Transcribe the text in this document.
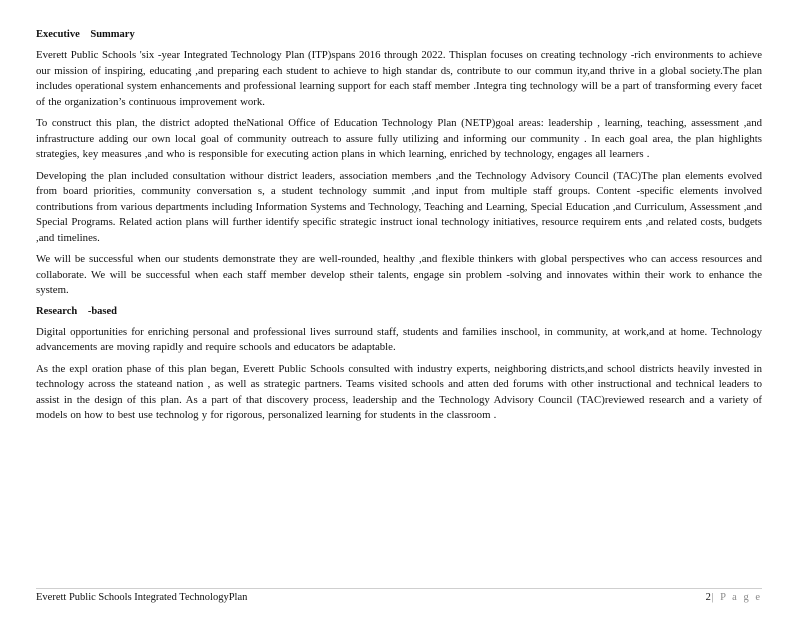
Executive Summary

Everett Public Schools 'six -year Integrated Technology Plan (ITP)spans 2016 through 2022. Thisplan focuses on creating technology -rich environments to achieve our mission of inspiring, educating ,and preparing each student to achieve to high standar ds, contribute to our commun ity,and thrive in a global society.The plan includes operational system enhancements and professional learning support for each staff member .Integra ting technology will be a part of transforming every facet of the organization’s continuous improvement work.

To construct this plan, the district adopted theNational Office of Education Technology Plan (NETP)goal areas: leadership , learning, teaching, assessment ,and infrastructure adding our own local goal of community outreach to assure fully utilizing and informing our community . In each goal area, the plan highlights strategies, key measures ,and who is responsible for executing action plans in which learning, enriched by technology, engages all learners .

Developing the plan included consultation withour district leaders, association members ,and the Technology Advisory Council (TAC)The plan elements evolved from board priorities, community conversation s, a student technology summit ,and input from multiple staff groups. Content -specific elements involved contributions from various departments including Information Systems and Technology, Teaching and Learning, Special Education ,and Curriculum, Assessment ,and Special Programs. Related action plans will further identify specific strategic instruct ional technology initiatives, resource requirem ents ,and related costs, budgets ,and timelines.

We will be successful when our students demonstrate they are well-rounded, healthy ,and flexible thinkers with global perspectives who can access resources and collaborate. We will be successful when each staff member develop stheir talents, engage sin problem -solving and innovates within their work to enhance the system.

Research -based

Digital opportunities for enriching personal and professional lives surround staff, students and families inschool, in community, at work,and at home. Technology advancements are moving rapidly and require schools and educators be adaptable.

As the expl oration phase of this plan began, Everett Public Schools consulted with industry experts, neighboring districts,and school districts heavily invested in technology across the stateand nation , as well as strategic partners. Teams visited schools and atten ded forums with other instructional and technical leaders to assist in the design of this plan. As a part of that discovery process, leadership and the Technology Advisory Council (TAC)reviewed research and a variety of models on how to best use technolog y for rigorous, personalized learning for students in the classroom .

Everett Public Schools Integrated TechnologyPlan	2| P a g e
